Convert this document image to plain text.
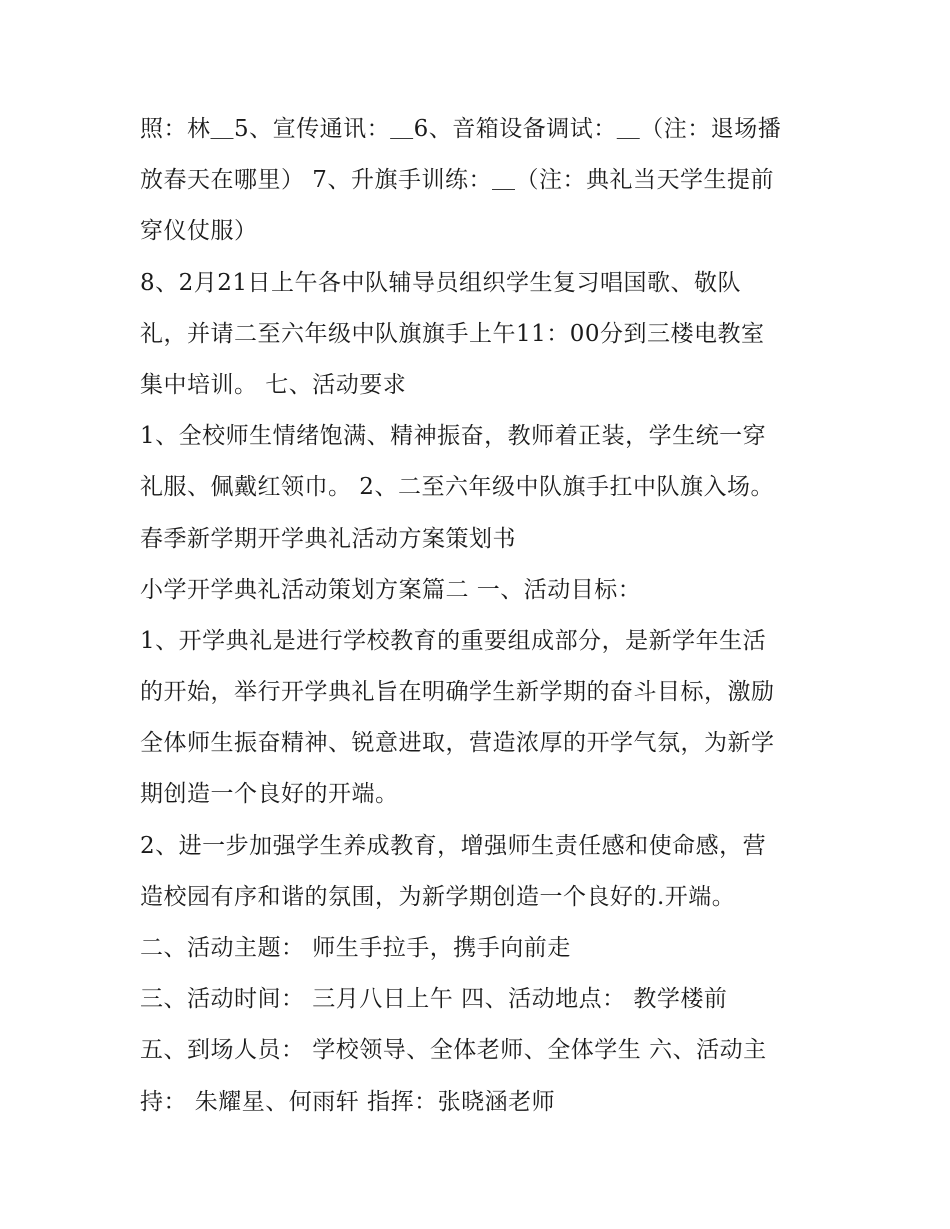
照：林＿5、宣传通讯：＿6、音箱设备调试：＿（注：退场播
放春天在哪里） 7、升旗手训练：＿（注：典礼当天学生提前
穿仪仗服）
8、2月21日上午各中队辅导员组织学生复习唱国歌、敬队
礼，并请二至六年级中队旗旗手上午11：00分到三楼电教室
集中培训。 七、活动要求
1、全校师生情绪饱满、精神振奋，教师着正装，学生统一穿
礼服、佩戴红领巾。 2、二至六年级中队旗手扛中队旗入场。
春季新学期开学典礼活动方案策划书
小学开学典礼活动策划方案篇二 一、活动目标：
1、开学典礼是进行学校教育的重要组成部分，是新学年生活
的开始，举行开学典礼旨在明确学生新学期的奋斗目标，激励
全体师生振奋精神、锐意进取，营造浓厚的开学气氛，为新学
期创造一个良好的开端。
2、进一步加强学生养成教育，增强师生责任感和使命感，营
造校园有序和谐的氛围，为新学期创造一个良好的.开端。
二、活动主题： 师生手拉手，携手向前走
三、活动时间： 三月八日上午 四、活动地点： 教学楼前
五、到场人员： 学校领导、全体老师、全体学生 六、活动主
持： 朱耀星、何雨轩 指挥：张晓涵老师
